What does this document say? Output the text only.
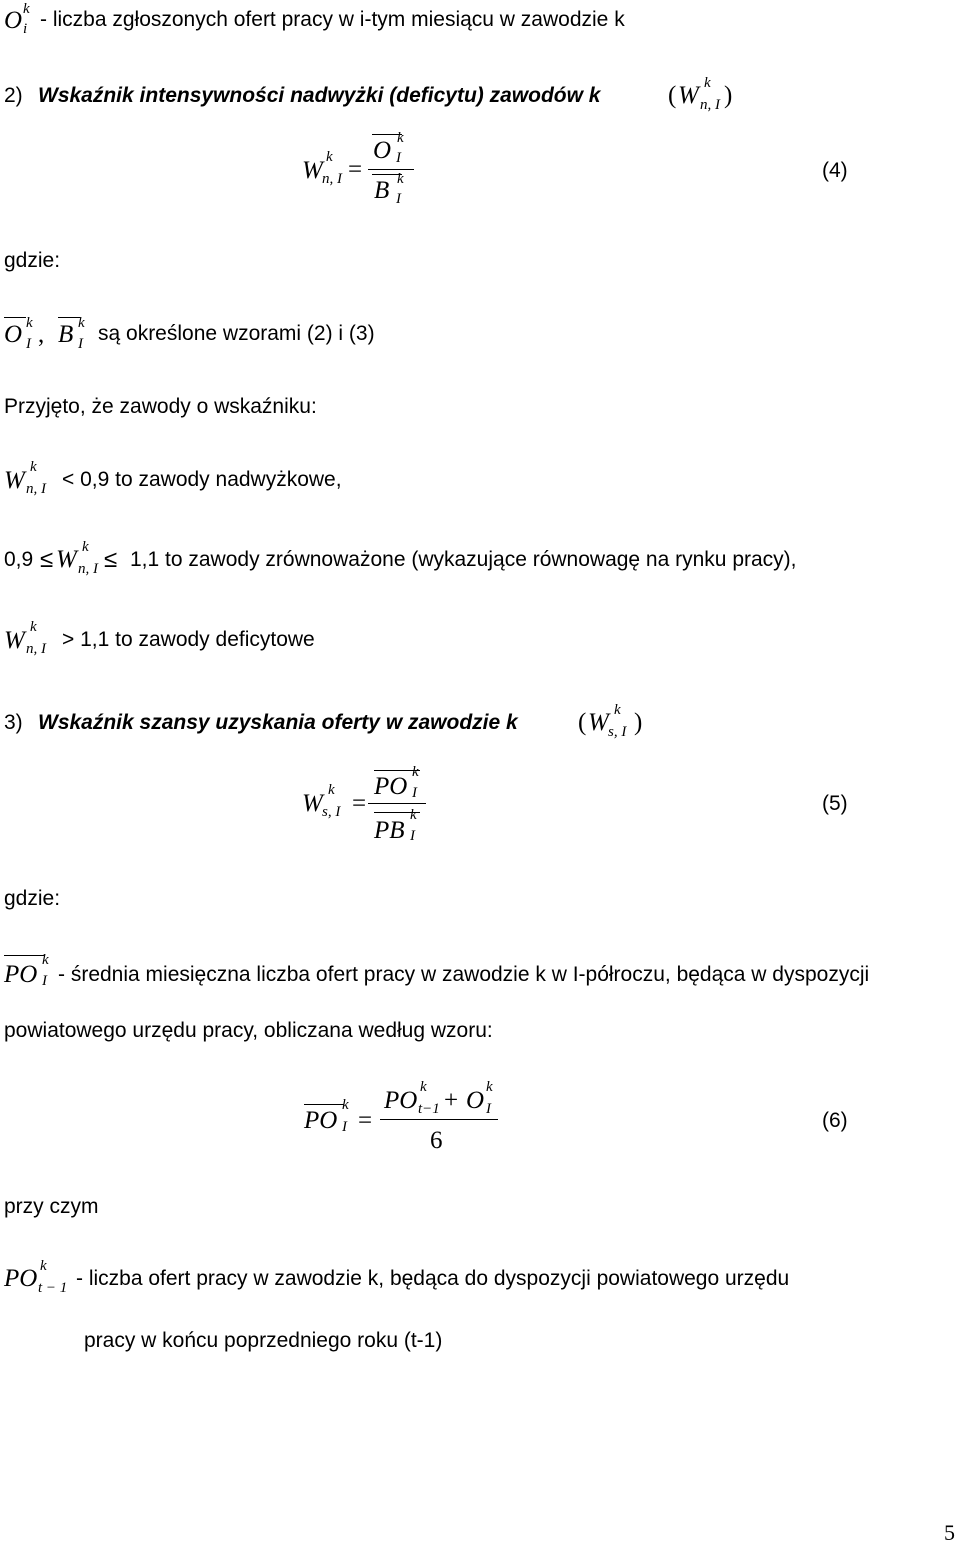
O k
i - liczba zgłoszonych ofert pracy w i-tym miesiącu w zawodzie k
2) Wskaźnik intensywności nadwyżki (deficytu) zawodów k	( W k
n, I )
W k
n, I =
O k
I
B k
I
(4)
gdzie:
O k
I , B k
I są określone wzorami (2) i (3)
Przyjęto, że zawody o wskaźniku:
W k
n, I < 0,9 to zawody nadwyżkowe,
0,9 ≤ W k
n, I ≤ 1,1 to zawody zrównoważone (wykazujące równowagę na rynku pracy),
W k
n, I > 1,1 to zawody deficytowe
3) Wskaźnik szansy uzyskania oferty w zawodzie k ( W k
s, I )
W k
s, I =
PO
k
I
PB
k
I
(5)
gdzie:
PO
k
I - średnia miesięczna liczba ofert pracy w zawodzie k w I-półroczu, będąca w dyspozycji
powiatowego urzędu pracy, obliczana według wzoru:
PO
k
I =
PO k
t−1 + O k
I
6
(6)
przy czym
PO k
t − 1 - liczba ofert pracy w zawodzie k, będąca do dyspozycji powiatowego urzędu
pracy w końcu poprzedniego roku (t-1)
5
